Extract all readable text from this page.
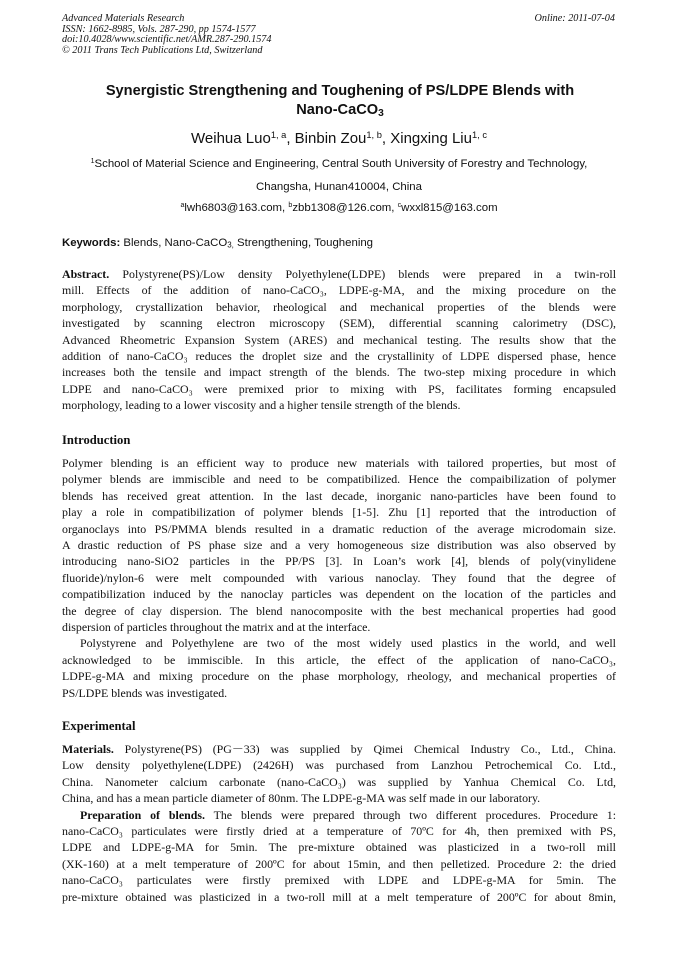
Advanced Materials Research
ISSN: 1662-8985, Vols. 287-290, pp 1574-1577
doi:10.4028/www.scientific.net/AMR.287-290.1574
© 2011 Trans Tech Publications Ltd, Switzerland
Online: 2011-07-04
Synergistic Strengthening and Toughening of PS/LDPE Blends with
Nano-CaCO$_3$
Weihua Luo$^{1, a}$, Binbin Zou$^{1, b}$, Xingxing Liu$^{1, c}$
$^1$School of Material Science and Engineering, Central South University of Forestry and Technology,
Changsha, Hunan410004, China
$^a$lwh6803@163.com, $^b$zbb1308@126.com, $^c$wxxl815@163.com
Keywords: Blends, Nano-CaCO$_{3,}$ Strengthening, Toughening
Abstract. Polystyrene(PS)/Low density Polyethylene(LDPE) blends were prepared in a twin-roll
mill. Effects of the addition of nano-CaCO₃, LDPE-g-MA, and the mixing procedure on the
morphology, crystallization behavior, rheological and mechanical properties of the blends were
investigated by scanning electron microscopy (SEM), differential scanning calorimetry (DSC),
Advanced Rheometric Expansion System (ARES) and mechanical testing. The results show that the
addition of nano-CaCO₃ reduces the droplet size and the crystallinity of LDPE dispersed phase, hence
increases both the tensile and impact strength of the blends. The two-step mixing procedure in which
LDPE and nano-CaCO₃ were premixed prior to mixing with PS, facilitates forming encapsuled
morphology, leading to a lower viscosity and a higher tensile strength of the blends.
Introduction
Polymer blending is an efficient way to produce new materials with tailored properties, but most of
polymer blends are immiscible and need to be compatibilized. Hence the compaibilization of polymer
blends has received great attention. In the last decade, inorganic nano-particles have been found to
play a role in compatibilization of polymer blends [1-5]. Zhu [1] reported that the introduction of
organoclays into PS/PMMA blends resulted in a dramatic reduction of the average microdomain size.
A drastic reduction of PS phase size and a very homogeneous size distribution was also observed by
introducing nano-SiO2 particles in the PP/PS [3]. In Loan’s work [4], blends of poly(vinylidene
fluoride)/nylon-6 were melt compounded with various nanoclay. They found that the degree of
compatibilization induced by the nanoclay particles was dependent on the location of the particles and
the degree of clay dispersion. The blend nanocomposite with the best mechanical properties had good
dispersion of particles throughout the matrix and at the interface.
Polystyrene and Polyethylene are two of the most widely used plastics in the world, and well
acknowledged to be immiscible. In this article, the effect of the application of nano-CaCO₃,
LDPE-g-MA and mixing procedure on the phase morphology, rheology, and mechanical properties of
PS/LDPE blends was investigated.
Experimental
Materials. Polystyrene(PS) (PG－33) was supplied by Qimei Chemical Industry Co., Ltd., China.
Low density polyethylene(LDPE) (2426H) was purchased from Lanzhou Petrochemical Co. Ltd.,
China. Nanometer calcium carbonate (nano-CaCO₃) was supplied by Yanhua Chemical Co. Ltd,
China, and has a mean particle diameter of 80nm. The LDPE-g-MA was self made in our laboratory.
Preparation of blends. The blends were prepared through two different procedures. Procedure 1:
nano-CaCO₃ particulates were firstly dried at a temperature of 70ºC for 4h, then premixed with PS,
LDPE and LDPE-g-MA for 5min. The pre-mixture obtained was plasticized in a two-roll mill
(XK-160) at a melt temperature of 200ºC for about 15min, and then pelletized. Procedure 2: the dried
nano-CaCO₃ particulates were firstly premixed with LDPE and LDPE-g-MA for 5min. The
pre-mixture obtained was plasticized in a two-roll mill at a melt temperature of 200ºC for about 8min,
